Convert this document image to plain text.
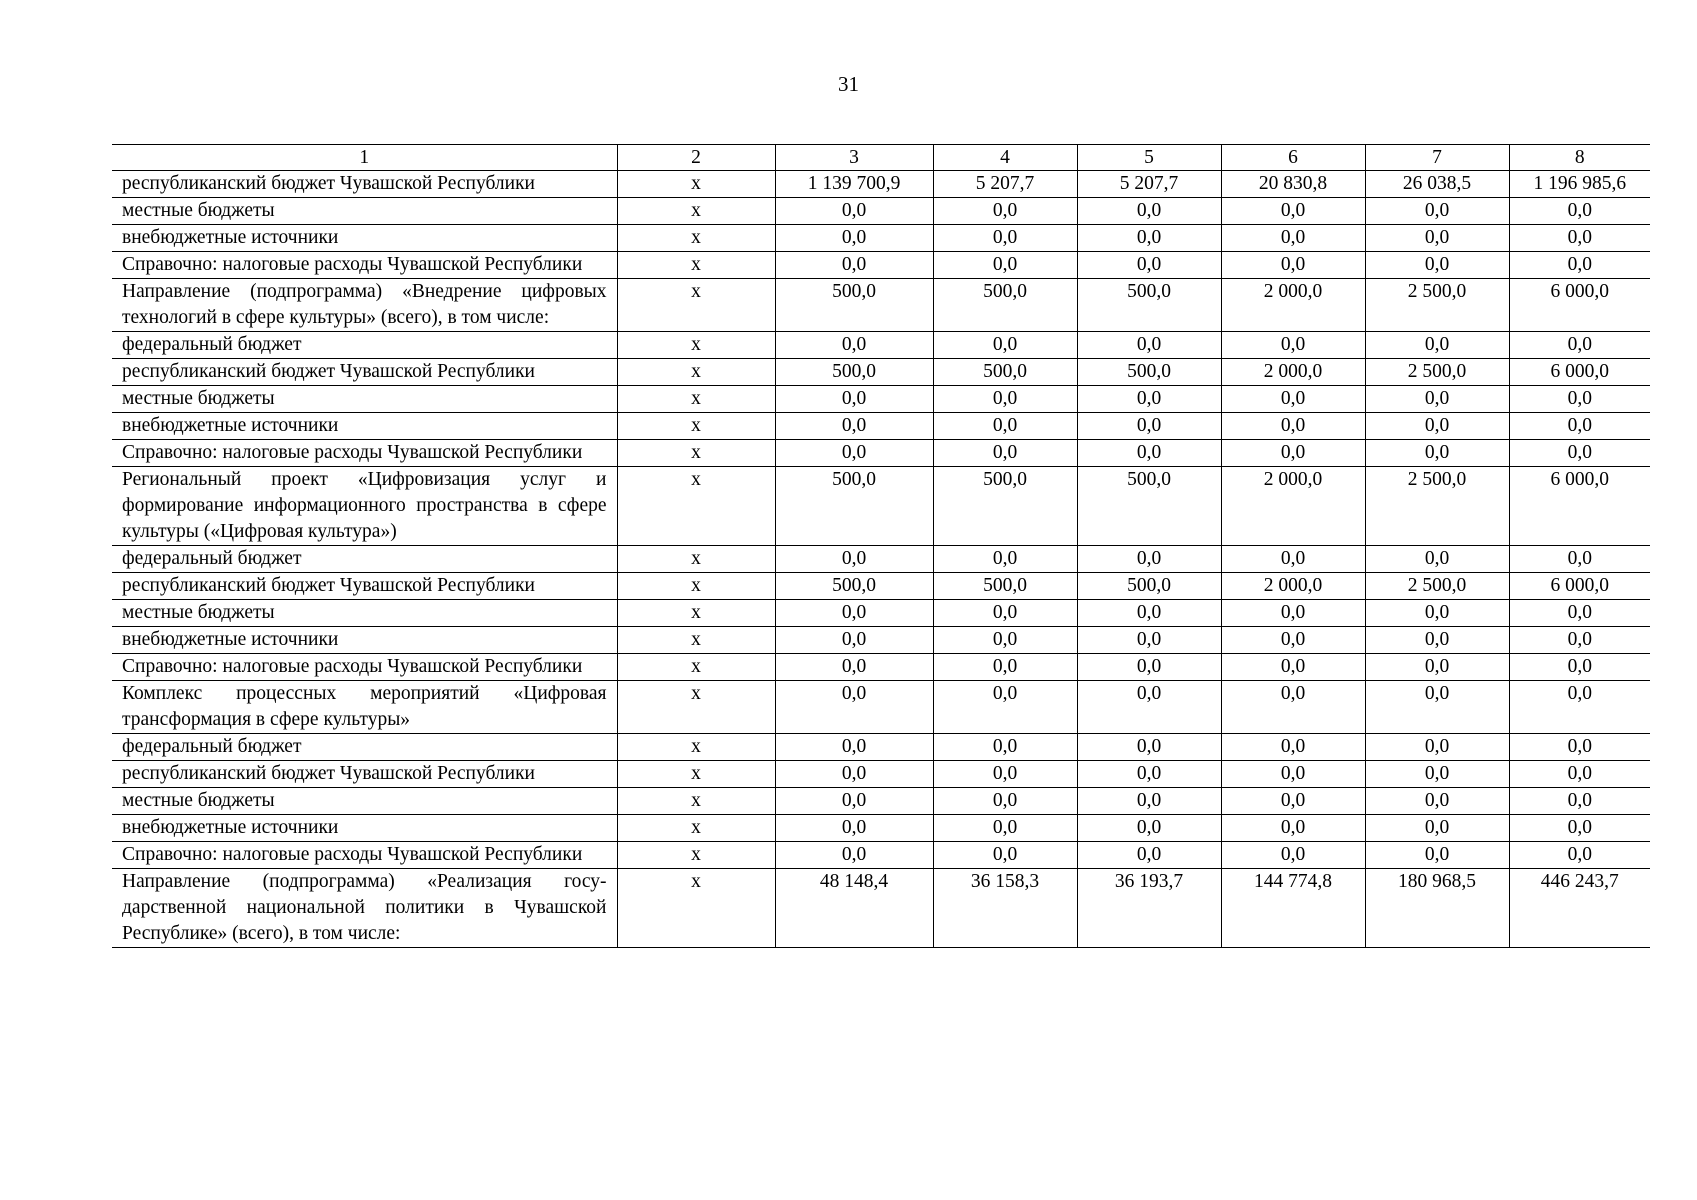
31
1	2	3	4	5	6	7	8
республиканский бюджет Чувашской Республики	х	1 139 700,9	5 207,7	5 207,7	20 830,8	26 038,5	1 196 985,6
местные бюджеты	х	0,0	0,0	0,0	0,0	0,0	0,0
внебюджетные источники	х	0,0	0,0	0,0	0,0	0,0	0,0
Справочно: налоговые расходы Чувашской Республики	х	0,0	0,0	0,0	0,0	0,0	0,0
Направление (подпрограмма) «Внедрение цифровых технологий в сфере культуры» (всего), в том числе:	х	500,0	500,0	500,0	2 000,0	2 500,0	6 000,0
федеральный бюджет	х	0,0	0,0	0,0	0,0	0,0	0,0
республиканский бюджет Чувашской Республики	х	500,0	500,0	500,0	2 000,0	2 500,0	6 000,0
местные бюджеты	х	0,0	0,0	0,0	0,0	0,0	0,0
внебюджетные источники	х	0,0	0,0	0,0	0,0	0,0	0,0
Справочно: налоговые расходы Чувашской Республики	х	0,0	0,0	0,0	0,0	0,0	0,0
Региональный проект «Цифровизация услуг и формирование информационного пространства в сфере культуры («Цифровая культура»)	х	500,0	500,0	500,0	2 000,0	2 500,0	6 000,0
федеральный бюджет	х	0,0	0,0	0,0	0,0	0,0	0,0
республиканский бюджет Чувашской Республики	х	500,0	500,0	500,0	2 000,0	2 500,0	6 000,0
местные бюджеты	х	0,0	0,0	0,0	0,0	0,0	0,0
внебюджетные источники	х	0,0	0,0	0,0	0,0	0,0	0,0
Справочно: налоговые расходы Чувашской Республики	х	0,0	0,0	0,0	0,0	0,0	0,0
Комплекс процессных мероприятий «Цифровая трансформация в сфере культуры»	х	0,0	0,0	0,0	0,0	0,0	0,0
федеральный бюджет	х	0,0	0,0	0,0	0,0	0,0	0,0
республиканский бюджет Чувашской Республики	х	0,0	0,0	0,0	0,0	0,0	0,0
местные бюджеты	х	0,0	0,0	0,0	0,0	0,0	0,0
внебюджетные источники	х	0,0	0,0	0,0	0,0	0,0	0,0
Справочно: налоговые расходы Чувашской Республики	х	0,0	0,0	0,0	0,0	0,0	0,0
Направление (подпрограмма) «Реализация государственной национальной политики в Чувашской Республике» (всего), в том числе:	х	48 148,4	36 158,3	36 193,7	144 774,8	180 968,5	446 243,7
